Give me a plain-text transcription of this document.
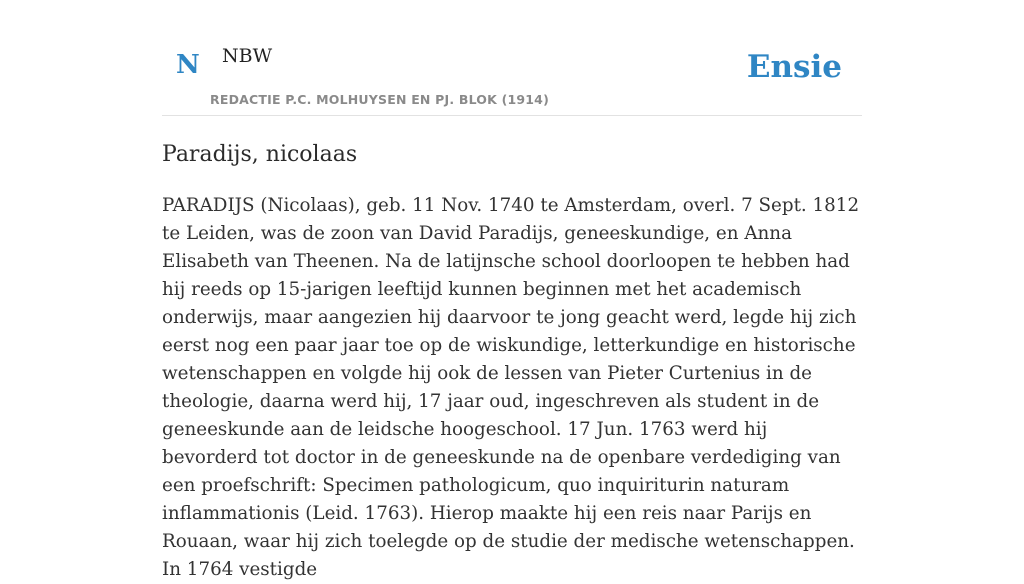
N NBW
REDACTIE P.C. MOLHUYSEN EN PJ. BLOK (1914)
Ensie
Paradijs, nicolaas

PARADIJS (Nicolaas), geb. 11 Nov. 1740 te Amsterdam, overl. 7 Sept. 1812 te Leiden, was de zoon van David Paradijs, geneeskundige, en Anna Elisabeth van Theenen. Na de latijnsche school doorloopen te hebben had hij reeds op 15-jarigen leeftijd kunnen beginnen met het academisch onderwijs, maar aangezien hij daarvoor te jong geacht werd, legde hij zich eerst nog een paar jaar toe op de wiskundige, letterkundige en historische wetenschappen en volgde hij ook de lessen van Pieter Curtenius in de theologie, daarna werd hij, 17 jaar oud, ingeschreven als student in de geneeskunde aan de leidsche hoogeschool. 17 Jun. 1763 werd hij bevorderd tot doctor in de geneeskunde na de openbare verdediging van een proefschrift: Specimen pathologicum, quo inquiriturin naturam inflammationis (Leid. 1763). Hierop maakte hij een reis naar Parijs en Rouaan, waar hij zich toelegde op de studie der medische wetenschappen. In 1764 vestigde
